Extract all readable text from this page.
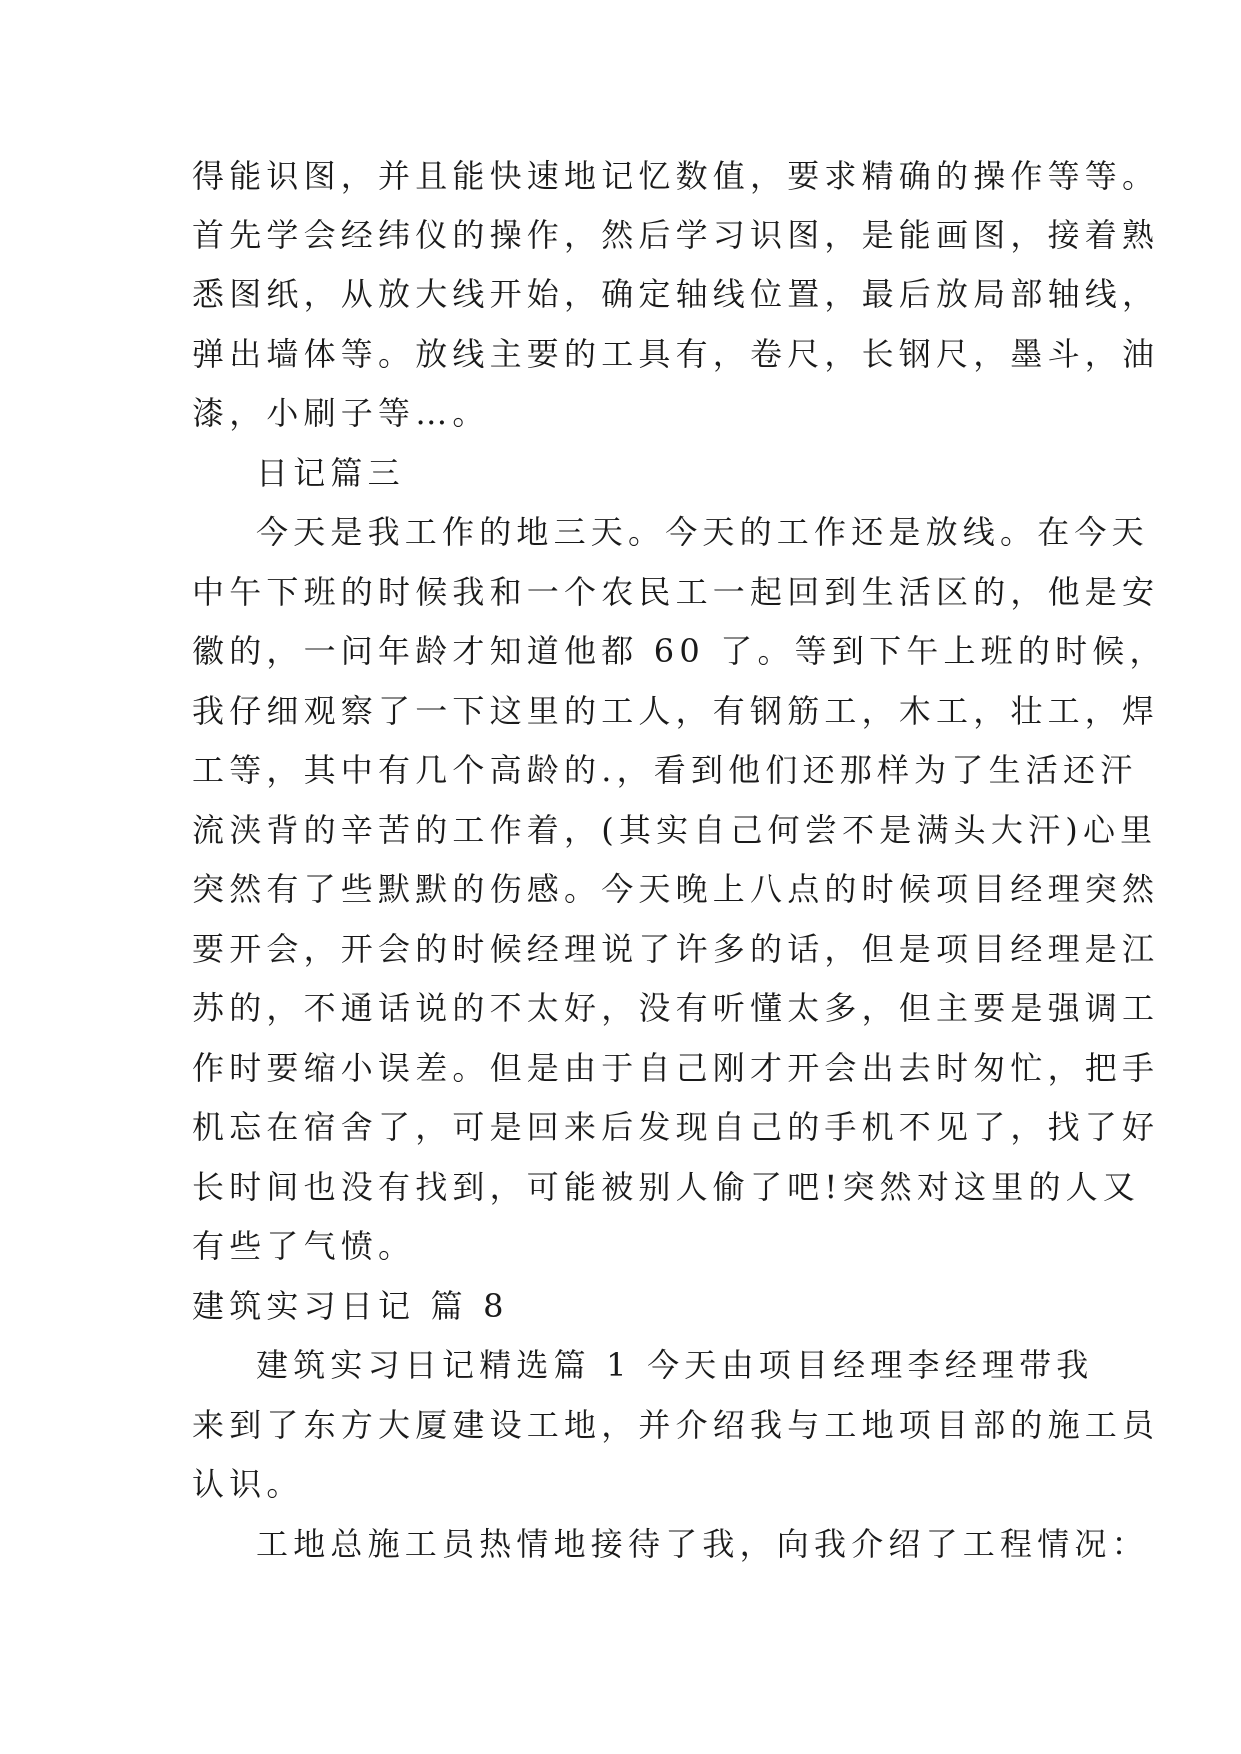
得能识图，并且能快速地记忆数值，要求精确的操作等等。
首先学会经纬仪的操作，然后学习识图，是能画图，接着熟
悉图纸，从放大线开始，确定轴线位置，最后放局部轴线，
弹出墙体等。放线主要的工具有，卷尺，长钢尺，墨斗，油
漆，小刷子等…。
日记篇三
今天是我工作的地三天。今天的工作还是放线。在今天
中午下班的时候我和一个农民工一起回到生活区的，他是安
徽的，一问年龄才知道他都 60 了。等到下午上班的时候，
我仔细观察了一下这里的工人，有钢筋工，木工，壮工，焊
工等，其中有几个高龄的.，看到他们还那样为了生活还汗
流浃背的辛苦的工作着，(其实自己何尝不是满头大汗)心里
突然有了些默默的伤感。今天晚上八点的时候项目经理突然
要开会，开会的时候经理说了许多的话，但是项目经理是江
苏的，不通话说的不太好，没有听懂太多，但主要是强调工
作时要缩小误差。但是由于自己刚才开会出去时匆忙，把手
机忘在宿舍了，可是回来后发现自己的手机不见了，找了好
长时间也没有找到，可能被别人偷了吧!突然对这里的人又
有些了气愤。
建筑实习日记 篇 8
建筑实习日记精选篇 1 今天由项目经理李经理带我
来到了东方大厦建设工地，并介绍我与工地项目部的施工员
认识。
工地总施工员热情地接待了我，向我介绍了工程情况：
